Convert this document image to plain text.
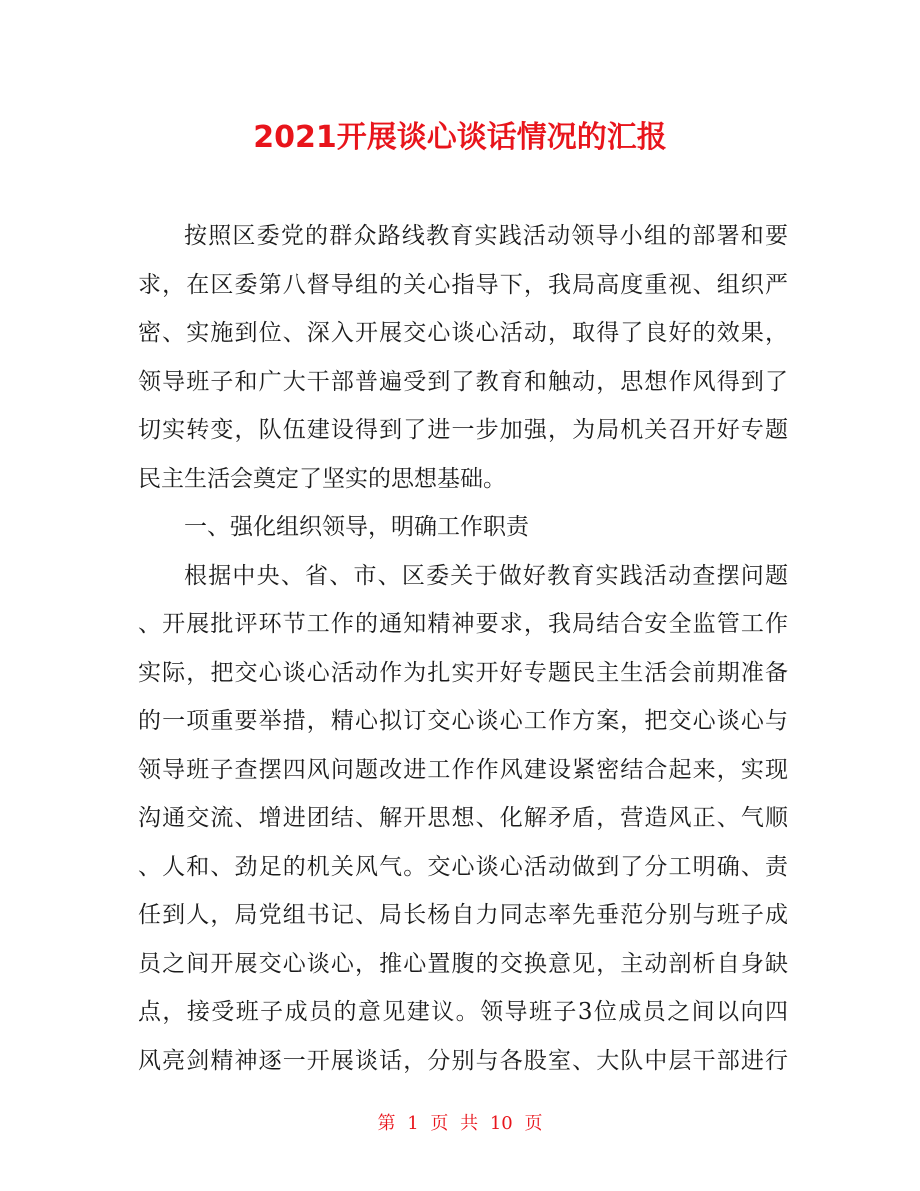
2021开展谈心谈话情况的汇报
按照区委党的群众路线教育实践活动领导小组的部署和要
求，在区委第八督导组的关心指导下，我局高度重视、组织严
密、实施到位、深入开展交心谈心活动，取得了良好的效果，
领导班子和广大干部普遍受到了教育和触动，思想作风得到了
切实转变，队伍建设得到了进一步加强，为局机关召开好专题
民主生活会奠定了坚实的思想基础。
一、强化组织领导，明确工作职责
根据中央、省、市、区委关于做好教育实践活动查摆问题
、开展批评环节工作的通知精神要求，我局结合安全监管工作
实际，把交心谈心活动作为扎实开好专题民主生活会前期准备
的一项重要举措，精心拟订交心谈心工作方案，把交心谈心与
领导班子查摆四风问题改进工作作风建设紧密结合起来，实现
沟通交流、增进团结、解开思想、化解矛盾，营造风正、气顺
、人和、劲足的机关风气。交心谈心活动做到了分工明确、责
任到人，局党组书记、局长杨自力同志率先垂范分别与班子成
员之间开展交心谈心，推心置腹的交换意见，主动剖析自身缺
点，接受班子成员的意见建议。领导班子3位成员之间以向四
风亮剑精神逐一开展谈话，分别与各股室、大队中层干部进行
第 1 页 共 10 页
